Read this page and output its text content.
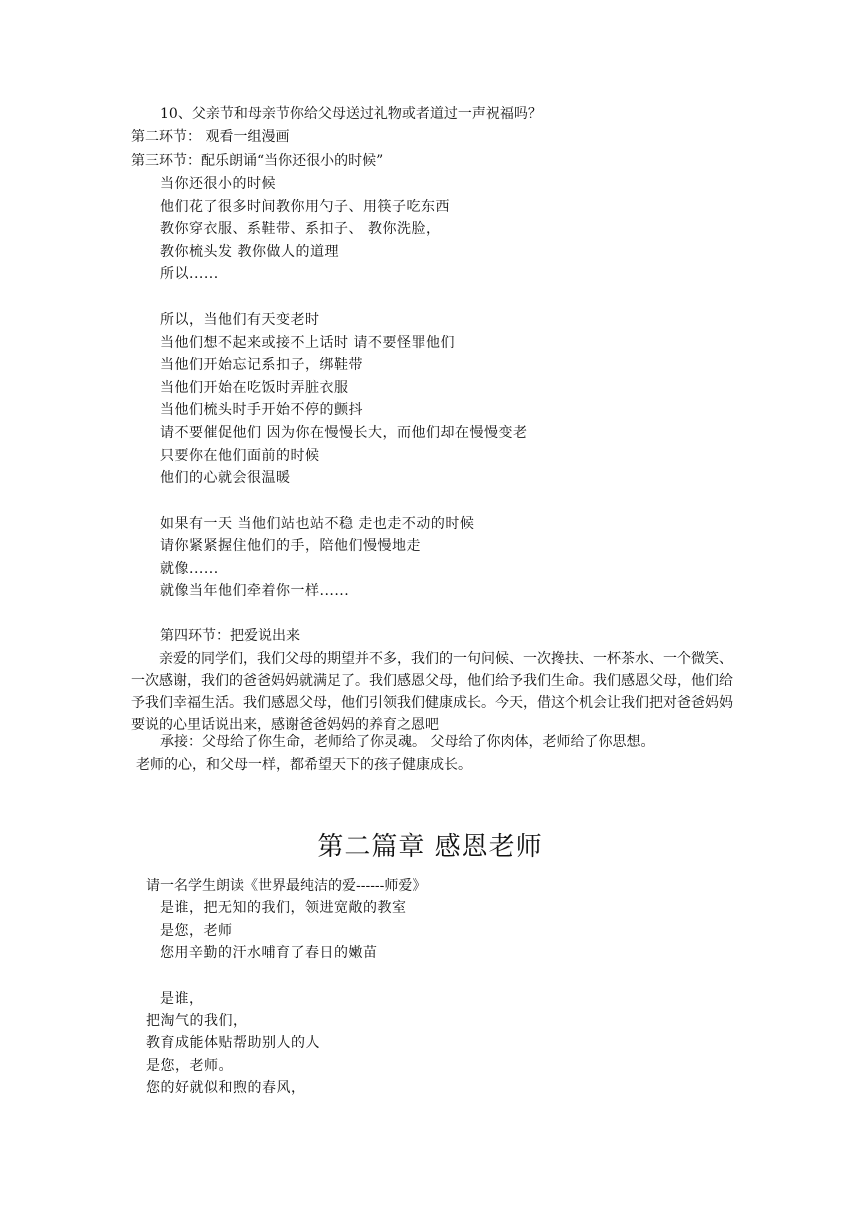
10、父亲节和母亲节你给父母送过礼物或者道过一声祝福吗？
第二环节： 观看一组漫画
第三环节：配乐朗诵“当你还很小的时候”
当你还很小的时候
他们花了很多时间教你用勺子、用筷子吃东西
教你穿衣服、系鞋带、系扣子、 教你洗脸，
教你梳头发 教你做人的道理
所以......
所以，当他们有天变老时
当他们想不起来或接不上话时 请不要怪罪他们
当他们开始忘记系扣子，绑鞋带
当他们开始在吃饭时弄脏衣服
当他们梳头时手开始不停的颤抖
请不要催促他们 因为你在慢慢长大，而他们却在慢慢变老
只要你在他们面前的时候
他们的心就会很温暖
如果有一天 当他们站也站不稳 走也走不动的时候
请你紧紧握住他们的手，陪他们慢慢地走
就像......
就像当年他们牵着你一样......
第四环节：把爱说出来
亲爱的同学们，我们父母的期望并不多，我们的一句问候、一次搀扶、一杯茶水、一个微笑、一次感谢，我们的爸爸妈妈就满足了。我们感恩父母，他们给予我们生命。我们感恩父母，他们给予我们幸福生活。我们感恩父母，他们引领我们健康成长。今天，借这个机会让我们把对爸爸妈妈要说的心里话说出来，感谢爸爸妈妈的养育之恩吧
承接：父母给了你生命，老师给了你灵魂。 父母给了你肉体，老师给了你思想。
老师的心，和父母一样，都希望天下的孩子健康成长。
第二篇章 感恩老师
请一名学生朗读《世界最纯洁的爱------师爱》
是谁，把无知的我们，领进宽敞的教室
是您，老师
您用辛勤的汗水哺育了春日的嫩苗
是谁，
把淘气的我们，
教育成能体贴帮助别人的人
是您，老师。
您的好就似和煦的春风，
